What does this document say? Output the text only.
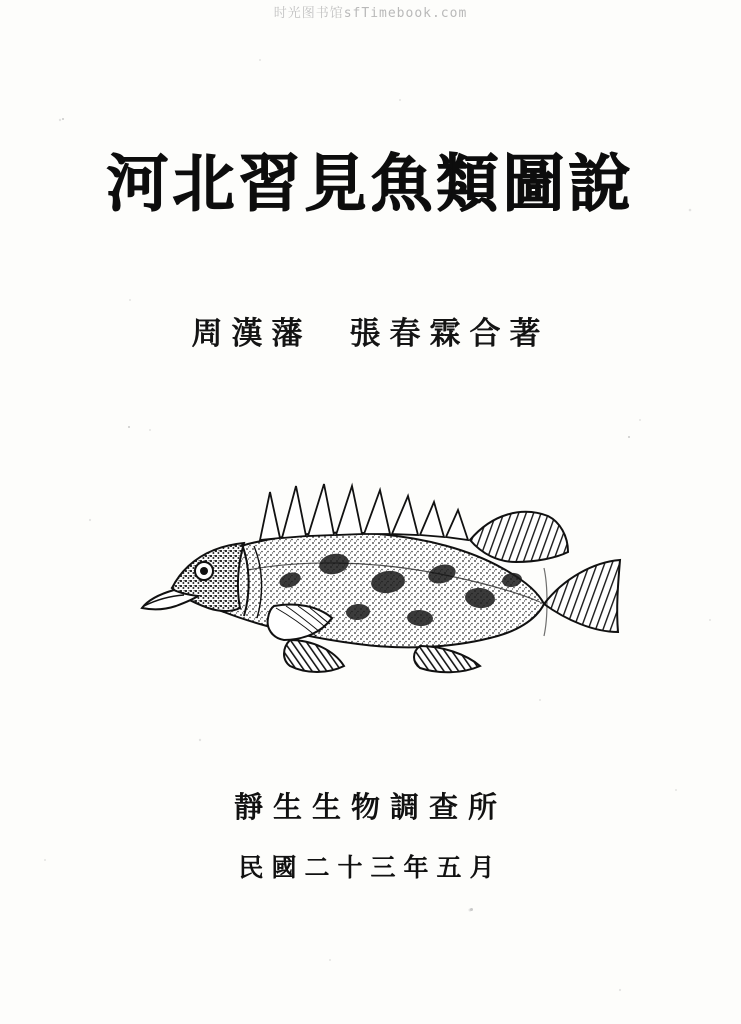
时光图书馆sfTimebook.com
河北習見魚類圖說
周漢藩 張春霖合著
靜生生物調查所
民國二十三年五月
